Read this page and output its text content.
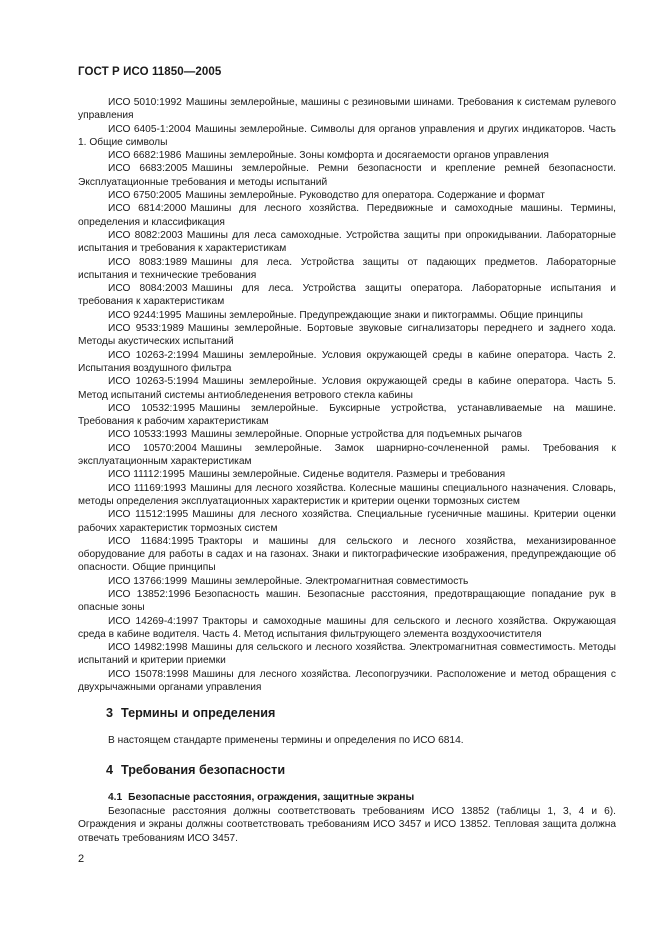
ГОСТ Р ИСО 11850—2005

ИСО 5010:1992 Машины землеройные, машины с резиновыми шинами. Требования к системам рулевого управления

ИСО 6405-1:2004 Машины землеройные. Символы для органов управления и других индикаторов. Часть 1. Общие символы

ИСО 6682:1986 Машины землеройные. Зоны комфорта и досягаемости органов управления

ИСО 6683:2005 Машины землеройные. Ремни безопасности и крепление ремней безопасности. Эксплуатационные требования и методы испытаний

ИСО 6750:2005 Машины землеройные. Руководство для оператора. Содержание и формат

ИСО 6814:2000 Машины для лесного хозяйства. Передвижные и самоходные машины. Термины, определения и классификация

ИСО 8082:2003 Машины для леса самоходные. Устройства защиты при опрокидывании. Лабораторные испытания и требования к характеристикам

ИСО 8083:1989 Машины для леса. Устройства защиты от падающих предметов. Лабораторные испытания и технические требования

ИСО 8084:2003 Машины для леса. Устройства защиты оператора. Лабораторные испытания и требования к характеристикам

ИСО 9244:1995 Машины землеройные. Предупреждающие знаки и пиктограммы. Общие принципы

ИСО 9533:1989 Машины землеройные. Бортовые звуковые сигнализаторы переднего и заднего хода. Методы акустических испытаний

ИСО 10263-2:1994 Машины землеройные. Условия окружающей среды в кабине оператора. Часть 2. Испытания воздушного фильтра

ИСО 10263-5:1994 Машины землеройные. Условия окружающей среды в кабине оператора. Часть 5. Метод испытаний системы антиобледенения ветрового стекла кабины

ИСО 10532:1995 Машины землеройные. Буксирные устройства, устанавливаемые на машине. Требования к рабочим характеристикам

ИСО 10533:1993 Машины землеройные. Опорные устройства для подъемных рычагов

ИСО 10570:2004 Машины землеройные. Замок шарнирно-сочлененной рамы. Требования к эксплуатационным характеристикам

ИСО 11112:1995 Машины землеройные. Сиденье водителя. Размеры и требования

ИСО 11169:1993 Машины для лесного хозяйства. Колесные машины специального назначения. Словарь, методы определения эксплуатационных характеристик и критерии оценки тормозных систем

ИСО 11512:1995 Машины для лесного хозяйства. Специальные гусеничные машины. Критерии оценки рабочих характеристик тормозных систем

ИСО 11684:1995 Тракторы и машины для сельского и лесного хозяйства, механизированное оборудование для работы в садах и на газонах. Знаки и пиктографические изображения, предупреждающие об опасности. Общие принципы

ИСО 13766:1999 Машины землеройные. Электромагнитная совместимость

ИСО 13852:1996 Безопасность машин. Безопасные расстояния, предотвращающие попадание рук в опасные зоны

ИСО 14269-4:1997 Тракторы и самоходные машины для сельского и лесного хозяйства. Окружающая среда в кабине водителя. Часть 4. Метод испытания фильтрующего элемента воздухоочистителя

ИСО 14982:1998 Машины для сельского и лесного хозяйства. Электромагнитная совместимость. Методы испытаний и критерии приемки

ИСО 15078:1998 Машины для лесного хозяйства. Лесопогрузчики. Расположение и метод обращения с двухрычажными органами управления

3 Термины и определения

В настоящем стандарте применены термины и определения по ИСО 6814.

4 Требования безопасности
4.1 Безопасные расстояния, ограждения, защитные экраны

Безопасные расстояния должны соответствовать требованиям ИСО 13852 (таблицы 1, 3, 4 и 6). Ограждения и экраны должны соответствовать требованиям ИСО 3457 и ИСО 13852. Тепловая защита должна отвечать требованиям ИСО 3457.

2
